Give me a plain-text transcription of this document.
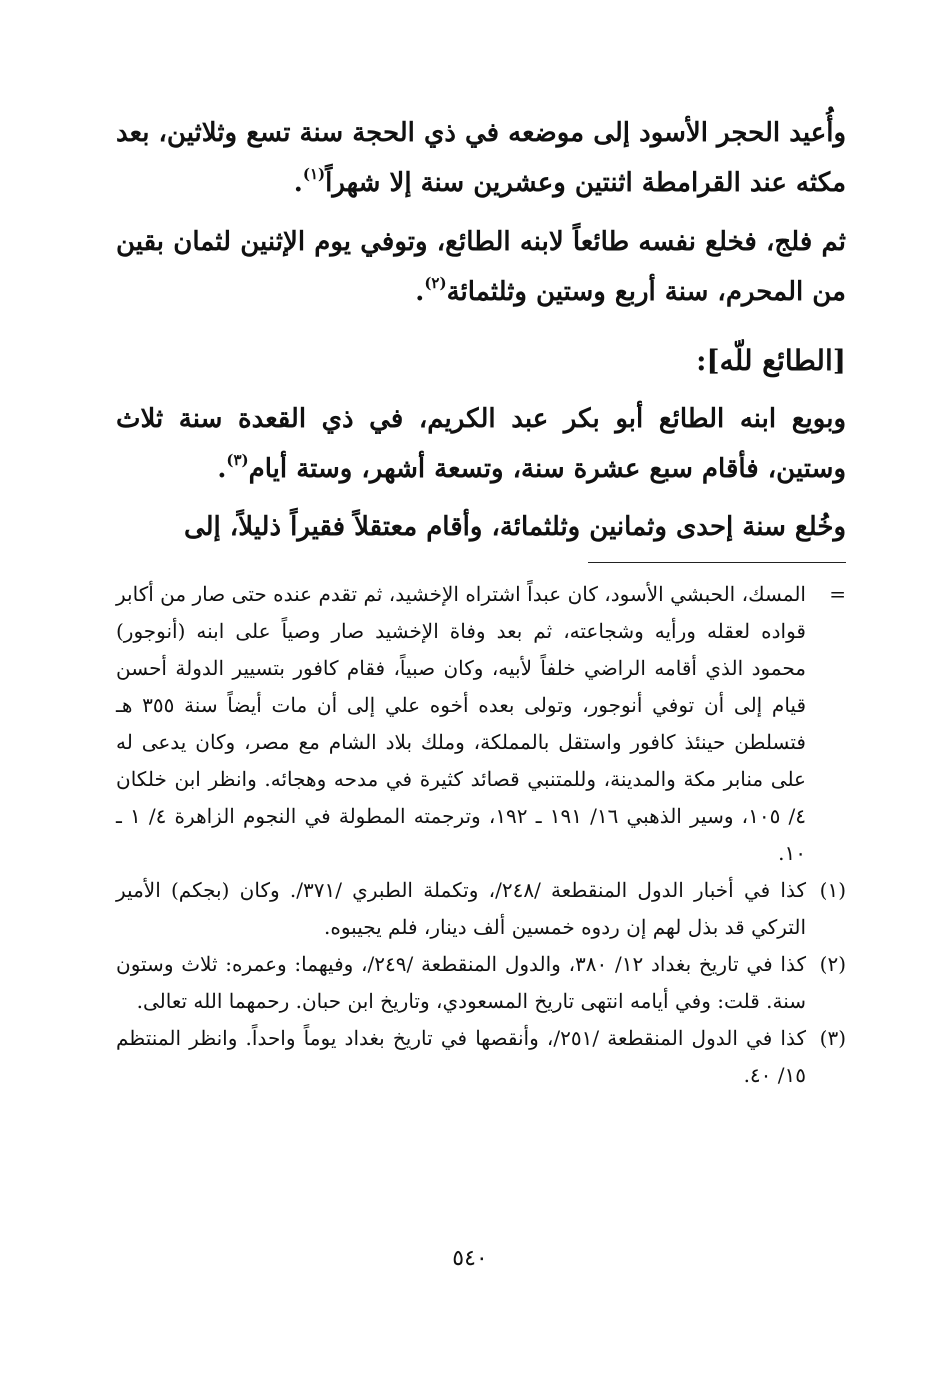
وأُعيد الحجر الأسود إلى موضعه في ذي الحجة سنة تسع وثلاثين، بعد مكثه عند القرامطة اثنتين وعشرين سنة إلا شهراً$^{(١)}$.

ثم فلج، فخلع نفسه طائعاً لابنه الطائع، وتوفي يوم الإثنين لثمان بقين من المحرم، سنة أربع وستين وثلثمائة$^{(٢)}$.

[الطائع للّه]:

وبويع ابنه الطائع أبو بكر عبد الكريم، في ذي القعدة سنة ثلاث وستين، فأقام سبع عشرة سنة، وتسعة أشهر، وستة أيام$^{(٣)}$.

وخُلع سنة إحدى وثمانين وثلثمائة، وأقام معتقلاً فقيراً ذليلاً، إلى

=
المسك، الحبشي الأسود، كان عبداً اشتراه الإخشيد، ثم تقدم عنده حتى صار من أكابر قواده لعقله ورأيه وشجاعته، ثم بعد وفاة الإخشيد صار وصياً على ابنه (أنوجور) محمود الذي أقامه الراضي خلفاً لأبيه، وكان صبياً، فقام كافور بتسيير الدولة أحسن قيام إلى أن توفي أنوجور، وتولى بعده أخوه علي إلى أن مات أيضاً سنة ٣٥٥ هـ فتسلطن حينئذ كافور واستقل بالمملكة، وملك بلاد الشام مع مصر، وكان يدعى له على منابر مكة والمدينة، وللمتنبي قصائد كثيرة في مدحه وهجائه. وانظر ابن خلكان ٤/ ١٠٥، وسير الذهبي ١٦/ ١٩١ ـ ١٩٢، وترجمته المطولة في النجوم الزاهرة ٤/ ١ ـ ١٠.
(١)
كذا في أخبار الدول المنقطعة /٢٤٨/، وتكملة الطبري /٣٧١/. وكان (بجكم) الأمير التركي قد بذل لهم إن ردوه خمسين ألف دينار، فلم يجيبوه.
(٢)
كذا في تاريخ بغداد ١٢/ ٣٨٠، والدول المنقطعة /٢٤٩/، وفيهما: وعمره: ثلاث وستون سنة. قلت: وفي أيامه انتهى تاريخ المسعودي، وتاريخ ابن حبان. رحمهما الله تعالى.
(٣)
كذا في الدول المنقطعة /٢٥١/، وأنقصها في تاريخ بغداد يوماً واحداً. وانظر المنتظم ١٥/ ٤٠.

٥٤٠
